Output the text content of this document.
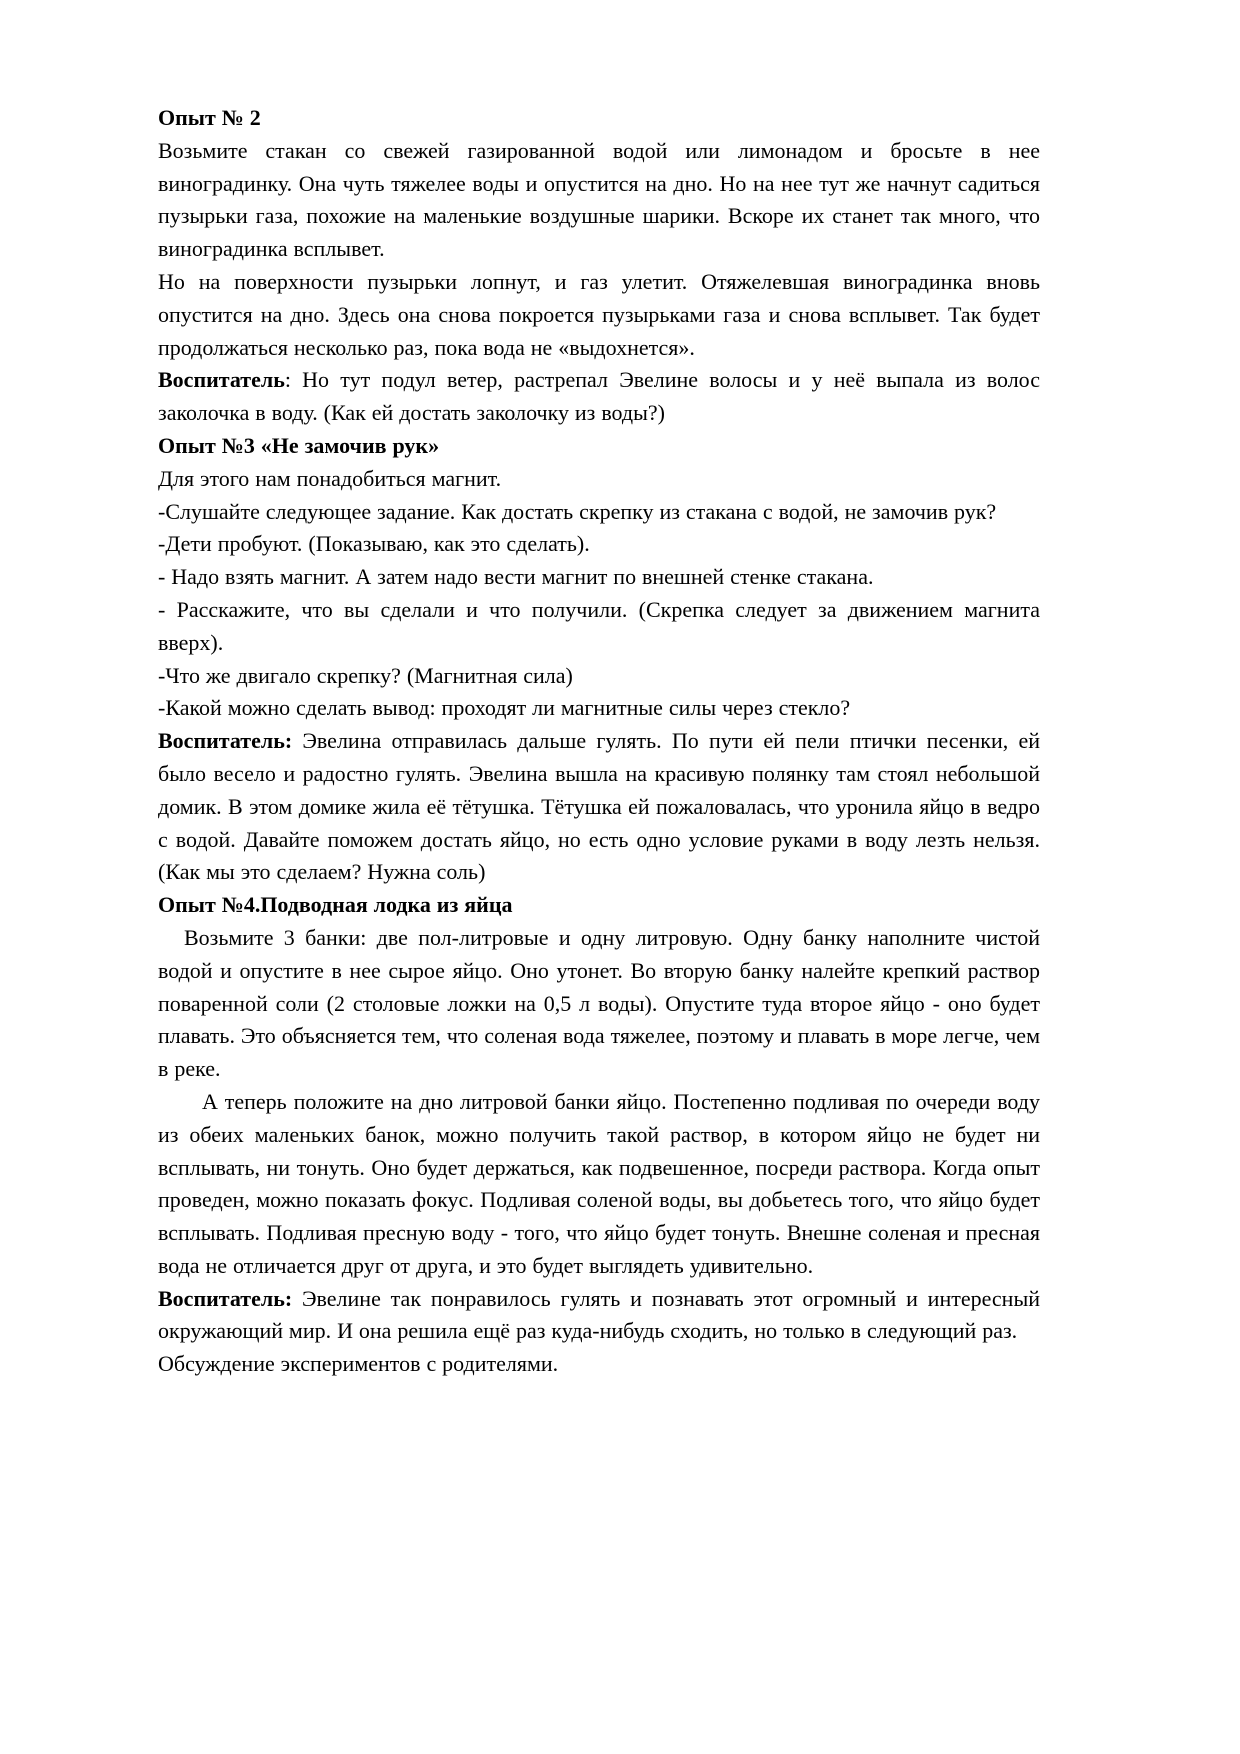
Опыт № 2

Возьмите стакан со свежей газированной водой или лимонадом и бросьте в нее виноградинку. Она чуть тяжелее воды и опустится на дно. Но на нее тут же начнут садиться пузырьки газа, похожие на маленькие воздушные шарики. Вскоре их станет так много, что виноградинка всплывет.

Но на поверхности пузырьки лопнут, и газ улетит. Отяжелевшая виноградинка вновь опустится на дно. Здесь она снова покроется пузырьками газа и снова всплывет. Так будет продолжаться несколько раз, пока вода не «выдохнется».

Воспитатель: Но тут подул ветер, растрепал Эвелине волосы и у неё выпала из волос заколочка в воду. (Как ей достать заколочку из воды?)

Опыт №3 «Не замочив рук»

Для этого нам понадобиться магнит.

-Слушайте следующее задание. Как достать скрепку из стакана с водой, не замочив рук?

-Дети пробуют. (Показываю, как это сделать).

- Надо взять магнит. А затем надо вести магнит по внешней стенке стакана.

- Расскажите, что вы сделали и что получили. (Скрепка следует за движением магнита вверх).

-Что же двигало скрепку? (Магнитная сила)

-Какой можно сделать вывод: проходят ли магнитные силы через стекло?

Воспитатель: Эвелина отправилась дальше гулять. По пути ей пели птички песенки, ей было весело и радостно гулять. Эвелина вышла на красивую полянку там стоял небольшой домик. В этом домике жила её тётушка. Тётушка ей пожаловалась, что уронила яйцо в ведро с водой. Давайте поможем достать яйцо, но есть одно условие руками в воду лезть нельзя. (Как мы это сделаем? Нужна соль)

Опыт №4.Подводная лодка из яйца

Возьмите 3 банки: две пол-литровые и одну литровую. Одну банку наполните чистой водой и опустите в нее сырое яйцо. Оно утонет. Во вторую банку налейте крепкий раствор поваренной соли (2 столовые ложки на 0,5 л воды). Опустите туда второе яйцо - оно будет плавать. Это объясняется тем, что соленая вода тяжелее, поэтому и плавать в море легче, чем в реке.

А теперь положите на дно литровой банки яйцо. Постепенно подливая по очереди воду из обеих маленьких банок, можно получить такой раствор, в котором яйцо не будет ни всплывать, ни тонуть. Оно будет держаться, как подвешенное, посреди раствора. Когда опыт проведен, можно показать фокус. Подливая соленой воды, вы добьетесь того, что яйцо будет всплывать. Подливая пресную воду - того, что яйцо будет тонуть. Внешне соленая и пресная вода не отличается друг от друга, и это будет выглядеть удивительно.

Воспитатель: Эвелине так понравилось гулять и познавать этот огромный и интересный окружающий мир. И она решила ещё раз куда-нибудь сходить, но только в следующий раз.

Обсуждение экспериментов с родителями.
